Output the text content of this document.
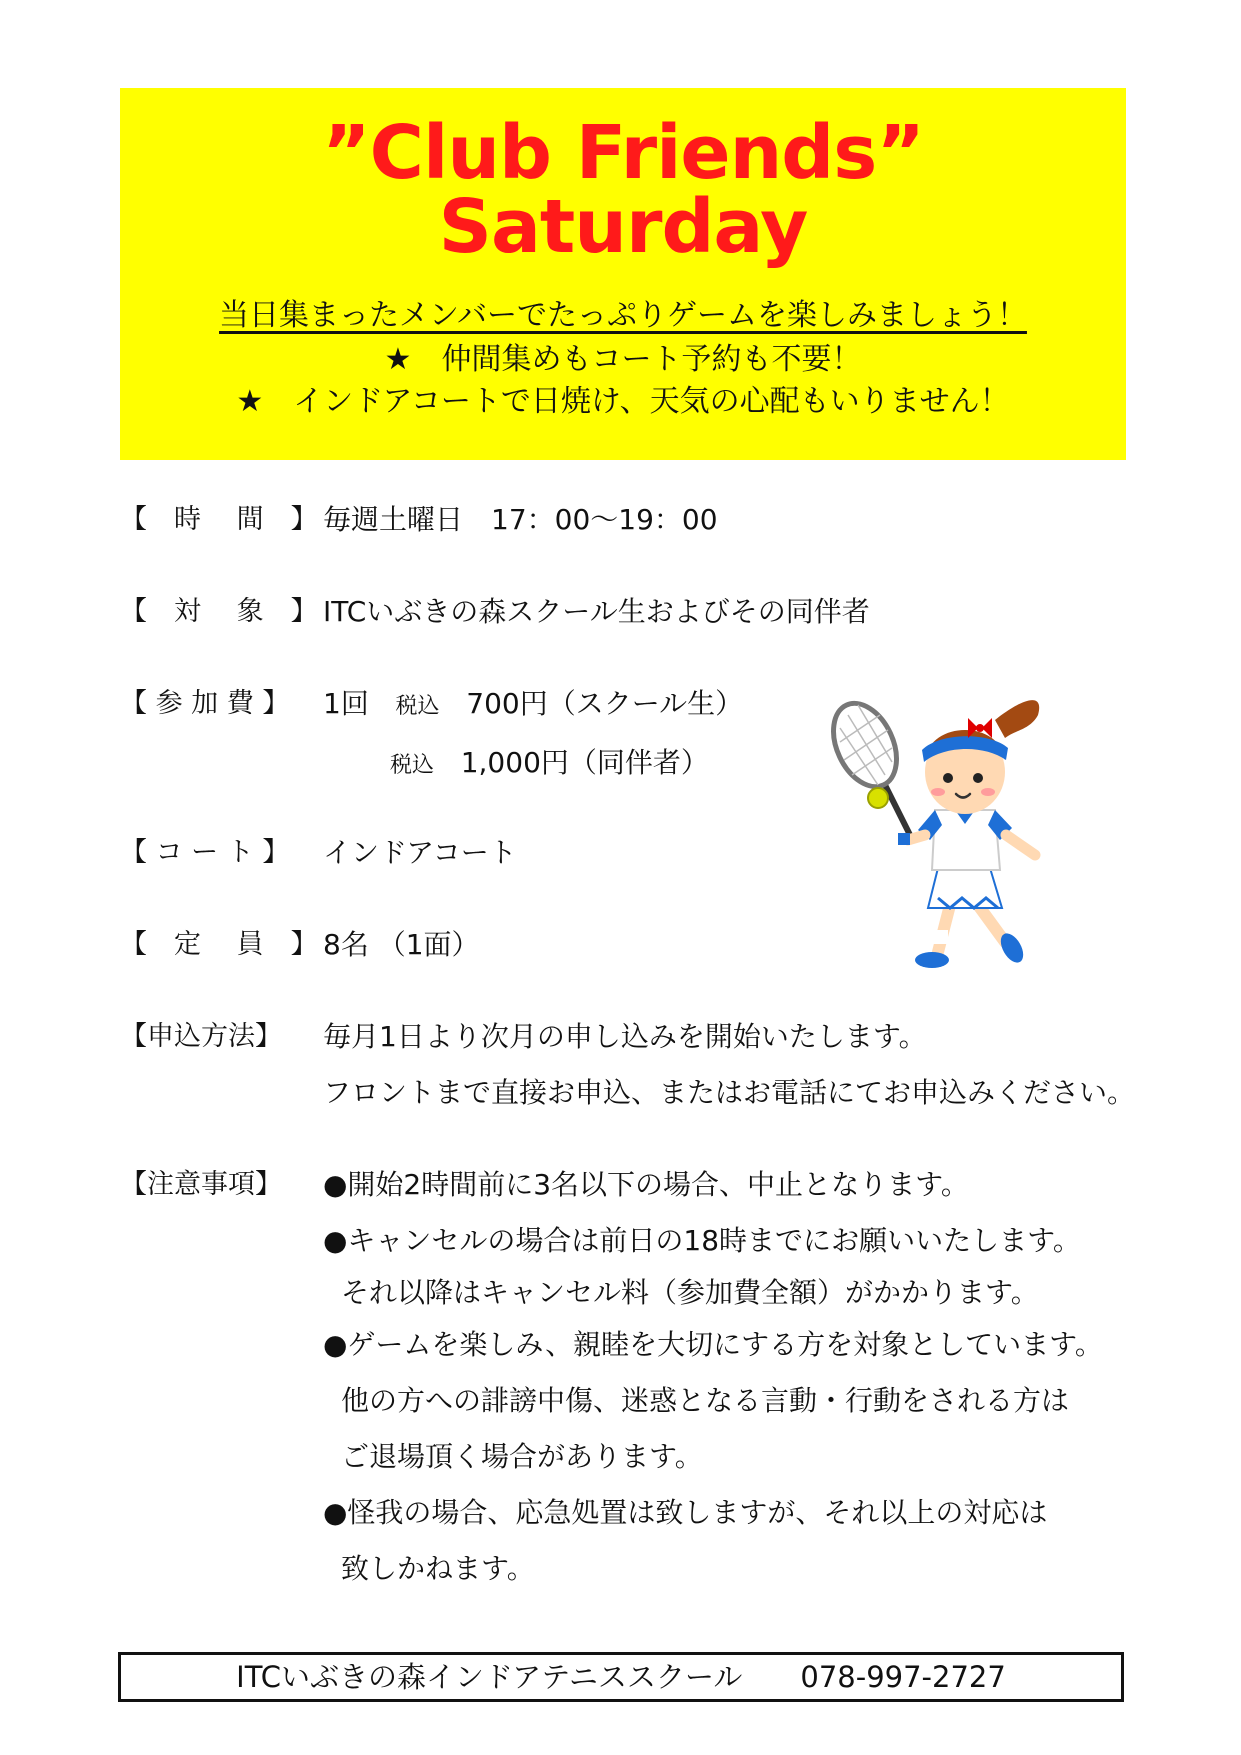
”Club Friends”
Saturday
当日集まったメンバーでたっぷりゲームを楽しみましょう！
★　仲間集めもコート予約も不要！
★　インドアコートで日焼け、天気の心配もいりません！
【　時　 間　】 毎週土曜日　17：00～19：00
【　対　 象　】 ITCいぶきの森スクール生およびその同伴者
【 参 加 費 】 1回 税込 700円（スクール生）
税込 1,000円（同伴者）
【 コ ー ト 】 インドアコート
【　定　 員　】 8名 （1面）
【申込方法】 毎月1日より次月の申し込みを開始いたします。
フロントまで直接お申込、またはお電話にてお申込みください。
【注意事項】 ●開始2時間前に3名以下の場合、中止となります。
●キャンセルの場合は前日の18時までにお願いいたします。
それ以降はキャンセル料（参加費全額）がかかります。
●ゲームを楽しみ、親睦を大切にする方を対象としています。
他の方への誹謗中傷、迷惑となる言動・行動をされる方は
ご退場頂く場合があります。
●怪我の場合、応急処置は致しますが、それ以上の対応は
致しかねます。
ITCいぶきの森インドアテニススクール　　078-997-2727
